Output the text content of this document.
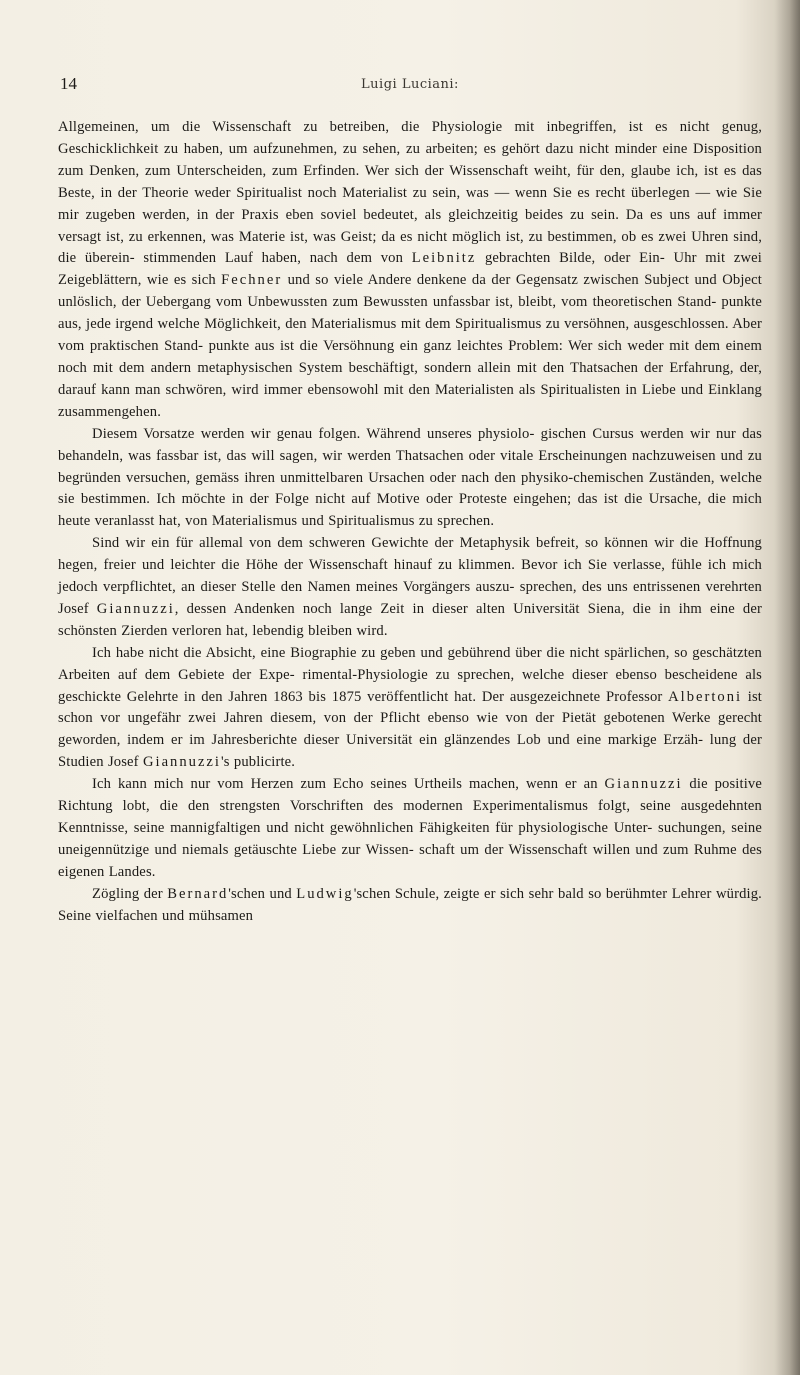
14	Luigi Luciani:

Allgemeinen, um die Wissenschaft zu betreiben, die Physiologie mit inbegriffen, ist es nicht genug, Geschicklichkeit zu haben, um aufzunehmen, zu sehen, zu arbeiten; es gehört dazu nicht minder eine Disposition zum Denken, zum Unterscheiden, zum Erfinden. Wer sich der Wissenschaft weiht, für den, glaube ich, ist es das Beste, in der Theorie weder Spiritualist noch Materialist zu sein, was — wenn Sie es recht überlegen — wie Sie mir zugeben werden, in der Praxis eben soviel bedeutet, als gleichzeitig beides zu sein. Da es uns auf immer versagt ist, zu erkennen, was Materie ist, was Geist; da es nicht möglich ist, zu bestimmen, ob es zwei Uhren sind, die überein- stimmenden Lauf haben, nach dem von Leibnitz gebrachten Bilde, oder Ein- Uhr mit zwei Zeigeblättern, wie es sich Fechner und so viele Andere denkene da der Gegensatz zwischen Subject und Object unlöslich, der Uebergang vom Unbewussten zum Bewussten unfassbar ist, bleibt, vom theoretischen Stand- punkte aus, jede irgend welche Möglichkeit, den Materialismus mit dem Spiritualismus zu versöhnen, ausgeschlossen. Aber vom praktischen Stand- punkte aus ist die Versöhnung ein ganz leichtes Problem: Wer sich weder mit dem einem noch mit dem andern metaphysischen System beschäftigt, sondern allein mit den Thatsachen der Erfahrung, der, darauf kann man schwören, wird immer ebensowohl mit den Materialisten als Spiritualisten in Liebe und Einklang zusammengehen.

Diesem Vorsatze werden wir genau folgen. Während unseres physiolo- gischen Cursus werden wir nur das behandeln, was fassbar ist, das will sagen, wir werden Thatsachen oder vitale Erscheinungen nachzuweisen und zu begründen versuchen, gemäss ihren unmittelbaren Ursachen oder nach den physiko-chemischen Zuständen, welche sie bestimmen. Ich möchte in der Folge nicht auf Motive oder Proteste eingehen; das ist die Ursache, die mich heute veranlasst hat, von Materialismus und Spiritualismus zu sprechen.

Sind wir ein für allemal von dem schweren Gewichte der Metaphysik befreit, so können wir die Hoffnung hegen, freier und leichter die Höhe der Wissenschaft hinauf zu klimmen. Bevor ich Sie verlasse, fühle ich mich jedoch verpflichtet, an dieser Stelle den Namen meines Vorgängers auszu- sprechen, des uns entrissenen verehrten Josef Giannuzzi, dessen Andenken noch lange Zeit in dieser alten Universität Siena, die in ihm eine der schönsten Zierden verloren hat, lebendig bleiben wird.

Ich habe nicht die Absicht, eine Biographie zu geben und gebührend über die nicht spärlichen, so geschätzten Arbeiten auf dem Gebiete der Expe- rimental-Physiologie zu sprechen, welche dieser ebenso bescheidene als geschickte Gelehrte in den Jahren 1863 bis 1875 veröffentlicht hat. Der ausgezeichnete Professor Albertoni ist schon vor ungefähr zwei Jahren diesem, von der Pflicht ebenso wie von der Pietät gebotenen Werke gerecht geworden, indem er im Jahresberichte dieser Universität ein glänzendes Lob und eine markige Erzäh- lung der Studien Josef Giannuzzi's publicirte.

Ich kann mich nur vom Herzen zum Echo seines Urtheils machen, wenn er an Giannuzzi die positive Richtung lobt, die den strengsten Vorschriften des modernen Experimentalismus folgt, seine ausgedehnten Kenntnisse, seine mannigfaltigen und nicht gewöhnlichen Fähigkeiten für physiologische Unter- suchungen, seine uneigennützige und niemals getäuschte Liebe zur Wissen- schaft um der Wissenschaft willen und zum Ruhme des eigenen Landes.

Zögling der Bernard'schen und Ludwig'schen Schule, zeigte er sich sehr bald so berühmter Lehrer würdig. Seine vielfachen und mühsamen
